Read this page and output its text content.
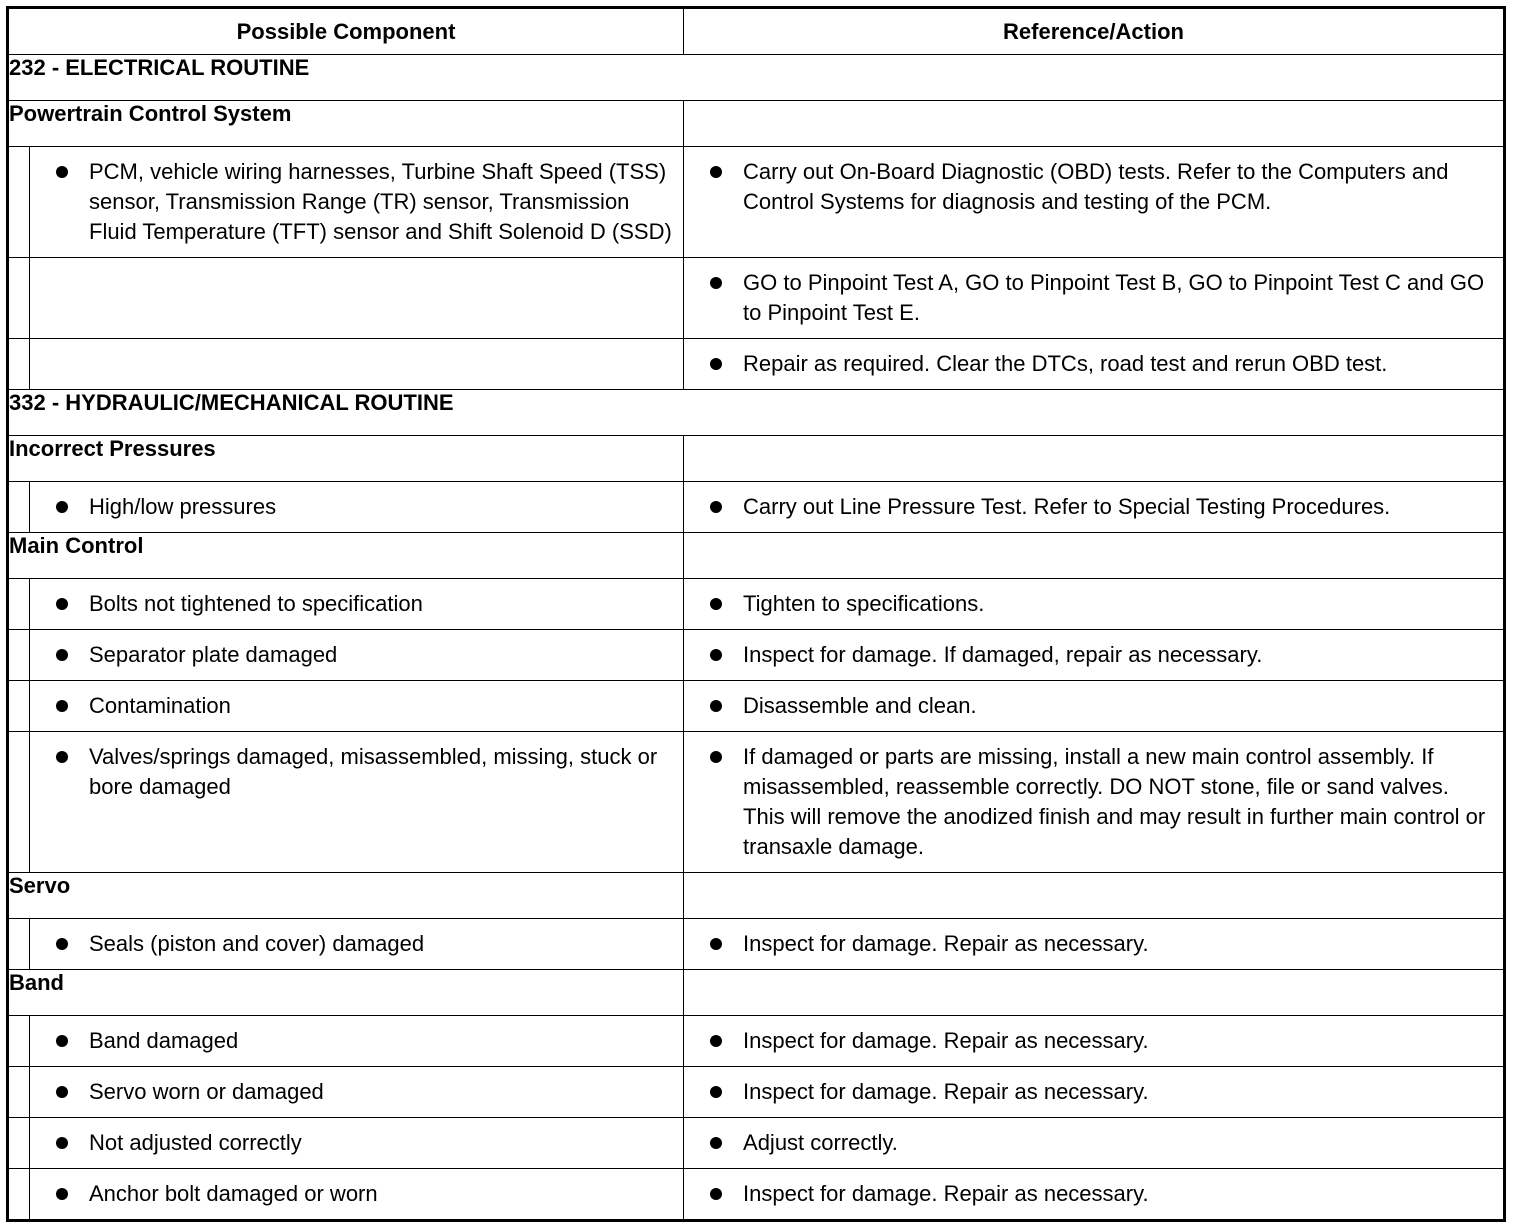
Possible Component		Reference/Action
232 - ELECTRICAL ROUTINE		
Powertrain Control System		

	PCM, vehicle wiring harnesses, Turbine Shaft Speed (TSS) sensor, Transmission Range (TR) sensor, Transmission Fluid Temperature (TFT) sensor and Shift Solenoid D (SSD)	Carry out On-Board Diagnostic (OBD) tests. Refer to the Computers and Control Systems for diagnosis and testing of the PCM.

		GO to Pinpoint Test A, GO to Pinpoint Test B, GO to Pinpoint Test C and GO to Pinpoint Test E.

		Repair as required. Clear the DTCs, road test and rerun OBD test.

332 - HYDRAULIC/MECHANICAL ROUTINE		
Incorrect Pressures		

	High/low pressures	Carry out Line Pressure Test. Refer to Special Testing Procedures.

Main Control		

	Bolts not tightened to specification	Tighten to specifications.

	Separator plate damaged	Inspect for damage. If damaged, repair as necessary.

	Contamination	Disassemble and clean.

	Valves/springs damaged, misassembled, missing, stuck or bore damaged	If damaged or parts are missing, install a new main control assembly. If misassembled, reassemble correctly. DO NOT stone, file or sand valves. This will remove the anodized finish and may result in further main control or transaxle damage.

Servo		

	Seals (piston and cover) damaged	Inspect for damage. Repair as necessary.

Band		

	Band damaged	Inspect for damage. Repair as necessary.

	Servo worn or damaged	Inspect for damage. Repair as necessary.

	Not adjusted correctly	Adjust correctly.

	Anchor bolt damaged or worn	Inspect for damage. Repair as necessary.
